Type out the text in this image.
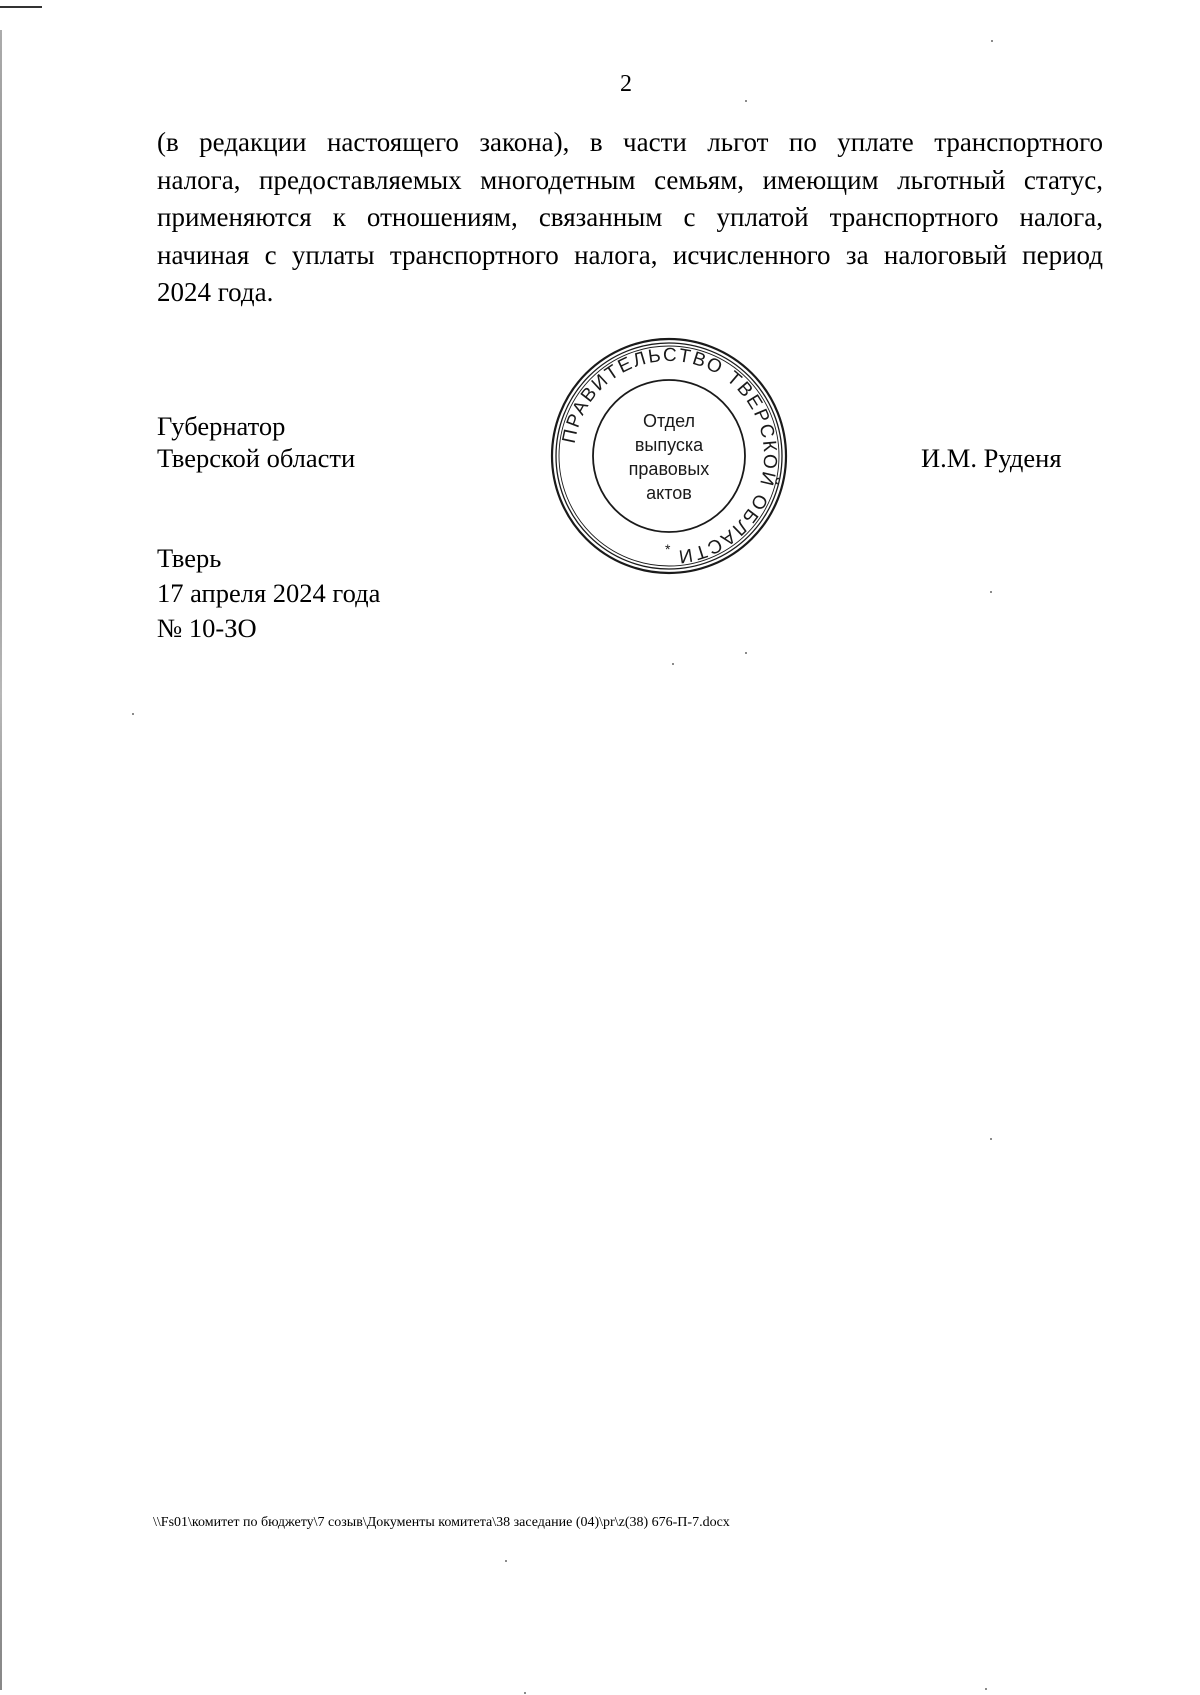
2
(в редакции настоящего закона), в части льгот по уплате транспортного
налога, предоставляемых многодетным семьям, имеющим льготный статус,
применяются к отношениям, связанным с уплатой транспортного налога,
начиная с уплаты транспортного налога, исчисленного за налоговый период
2024 года.
Губернатор
Тверской области
ПРАВИТЕЛЬСТВО ТВЕРСКОЙ ОБЛАСТИ
Отдел
выпуска
правовых
актов
*
И.М. Руденя
Тверь
17 апреля 2024 года
№ 10-ЗО
\\Fs01\комитет по бюджету\7 созыв\Документы комитета\38 заседание (04)\pr\z(38) 676-П-7.docx
